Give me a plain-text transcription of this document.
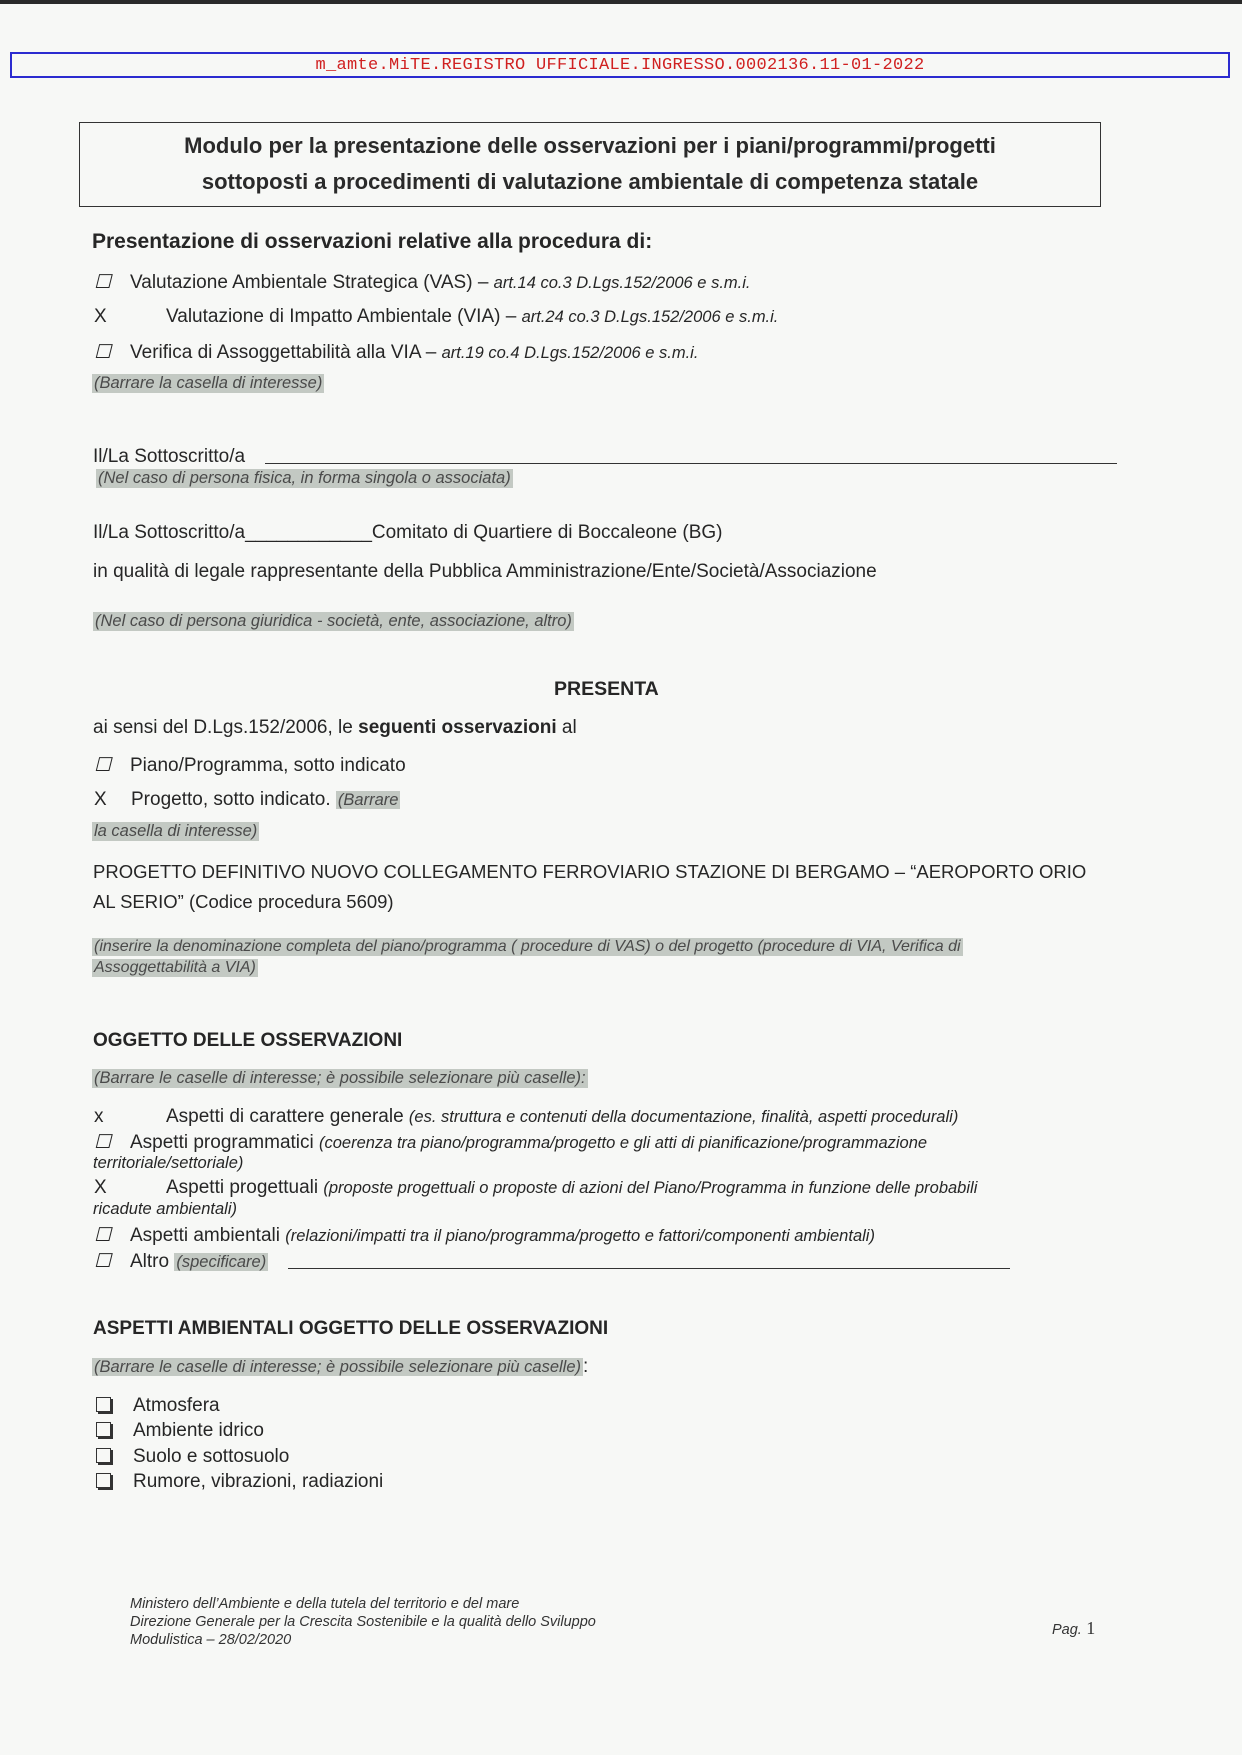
m_amte.MiTE.REGISTRO UFFICIALE.INGRESSO.0002136.11-01-2022
Modulo per la presentazione delle osservazioni per i piani/programmi/progetti
sottoposti a procedimenti di valutazione ambientale di competenza statale
Presentazione di osservazioni relative alla procedura di:
☐ Valutazione Ambientale Strategica (VAS) – art.14 co.3 D.Lgs.152/2006 e s.m.i.
X	Valutazione di Impatto Ambientale (VIA) – art.24 co.3 D.Lgs.152/2006 e s.m.i.
☐ Verifica di Assoggettabilità alla VIA – art.19 co.4 D.Lgs.152/2006 e s.m.i.
(Barrare la casella di interesse)
Il/La Sottoscritto/a
(Nel caso di persona fisica, in forma singola o associata)
Il/La Sottoscritto/a____________Comitato di Quartiere di Boccaleone (BG)
in qualità di legale rappresentante della Pubblica Amministrazione/Ente/Società/Associazione
(Nel caso di persona giuridica - società, ente, associazione, altro)
PRESENTA
ai sensi del D.Lgs.152/2006, le seguenti osservazioni al
☐ Piano/Programma, sotto indicato
X Progetto, sotto indicato. (Barrare
la casella di interesse)
PROGETTO DEFINITIVO NUOVO COLLEGAMENTO FERROVIARIO STAZIONE DI BERGAMO – “AEROPORTO ORIO
AL SERIO” (Codice procedura 5609)
(inserire la denominazione completa del piano/programma ( procedure di VAS) o del progetto (procedure di VIA, Verifica di
Assoggettabilità a VIA)
OGGETTO DELLE OSSERVAZIONI
(Barrare le caselle di interesse; è possibile selezionare più caselle):
x	Aspetti di carattere generale (es. struttura e contenuti della documentazione, finalità, aspetti procedurali)
☐ Aspetti programmatici (coerenza tra piano/programma/progetto e gli atti di pianificazione/programmazione
territoriale/settoriale)
X	Aspetti progettuali (proposte progettuali o proposte di azioni del Piano/Programma in funzione delle probabili
ricadute ambientali)
☐ Aspetti ambientali (relazioni/impatti tra il piano/programma/progetto e fattori/componenti ambientali)
☐ Altro (specificare)
ASPETTI AMBIENTALI OGGETTO DELLE OSSERVAZIONI
(Barrare le caselle di interesse; è possibile selezionare più caselle) :
Atmosfera
Ambiente idrico
Suolo e sottosuolo
Rumore, vibrazioni, radiazioni
Ministero dell’Ambiente e della tutela del territorio e del mare
Direzione Generale per la Crescita Sostenibile e la qualità dello Sviluppo
Modulistica – 28/02/2020
Pag. 1
